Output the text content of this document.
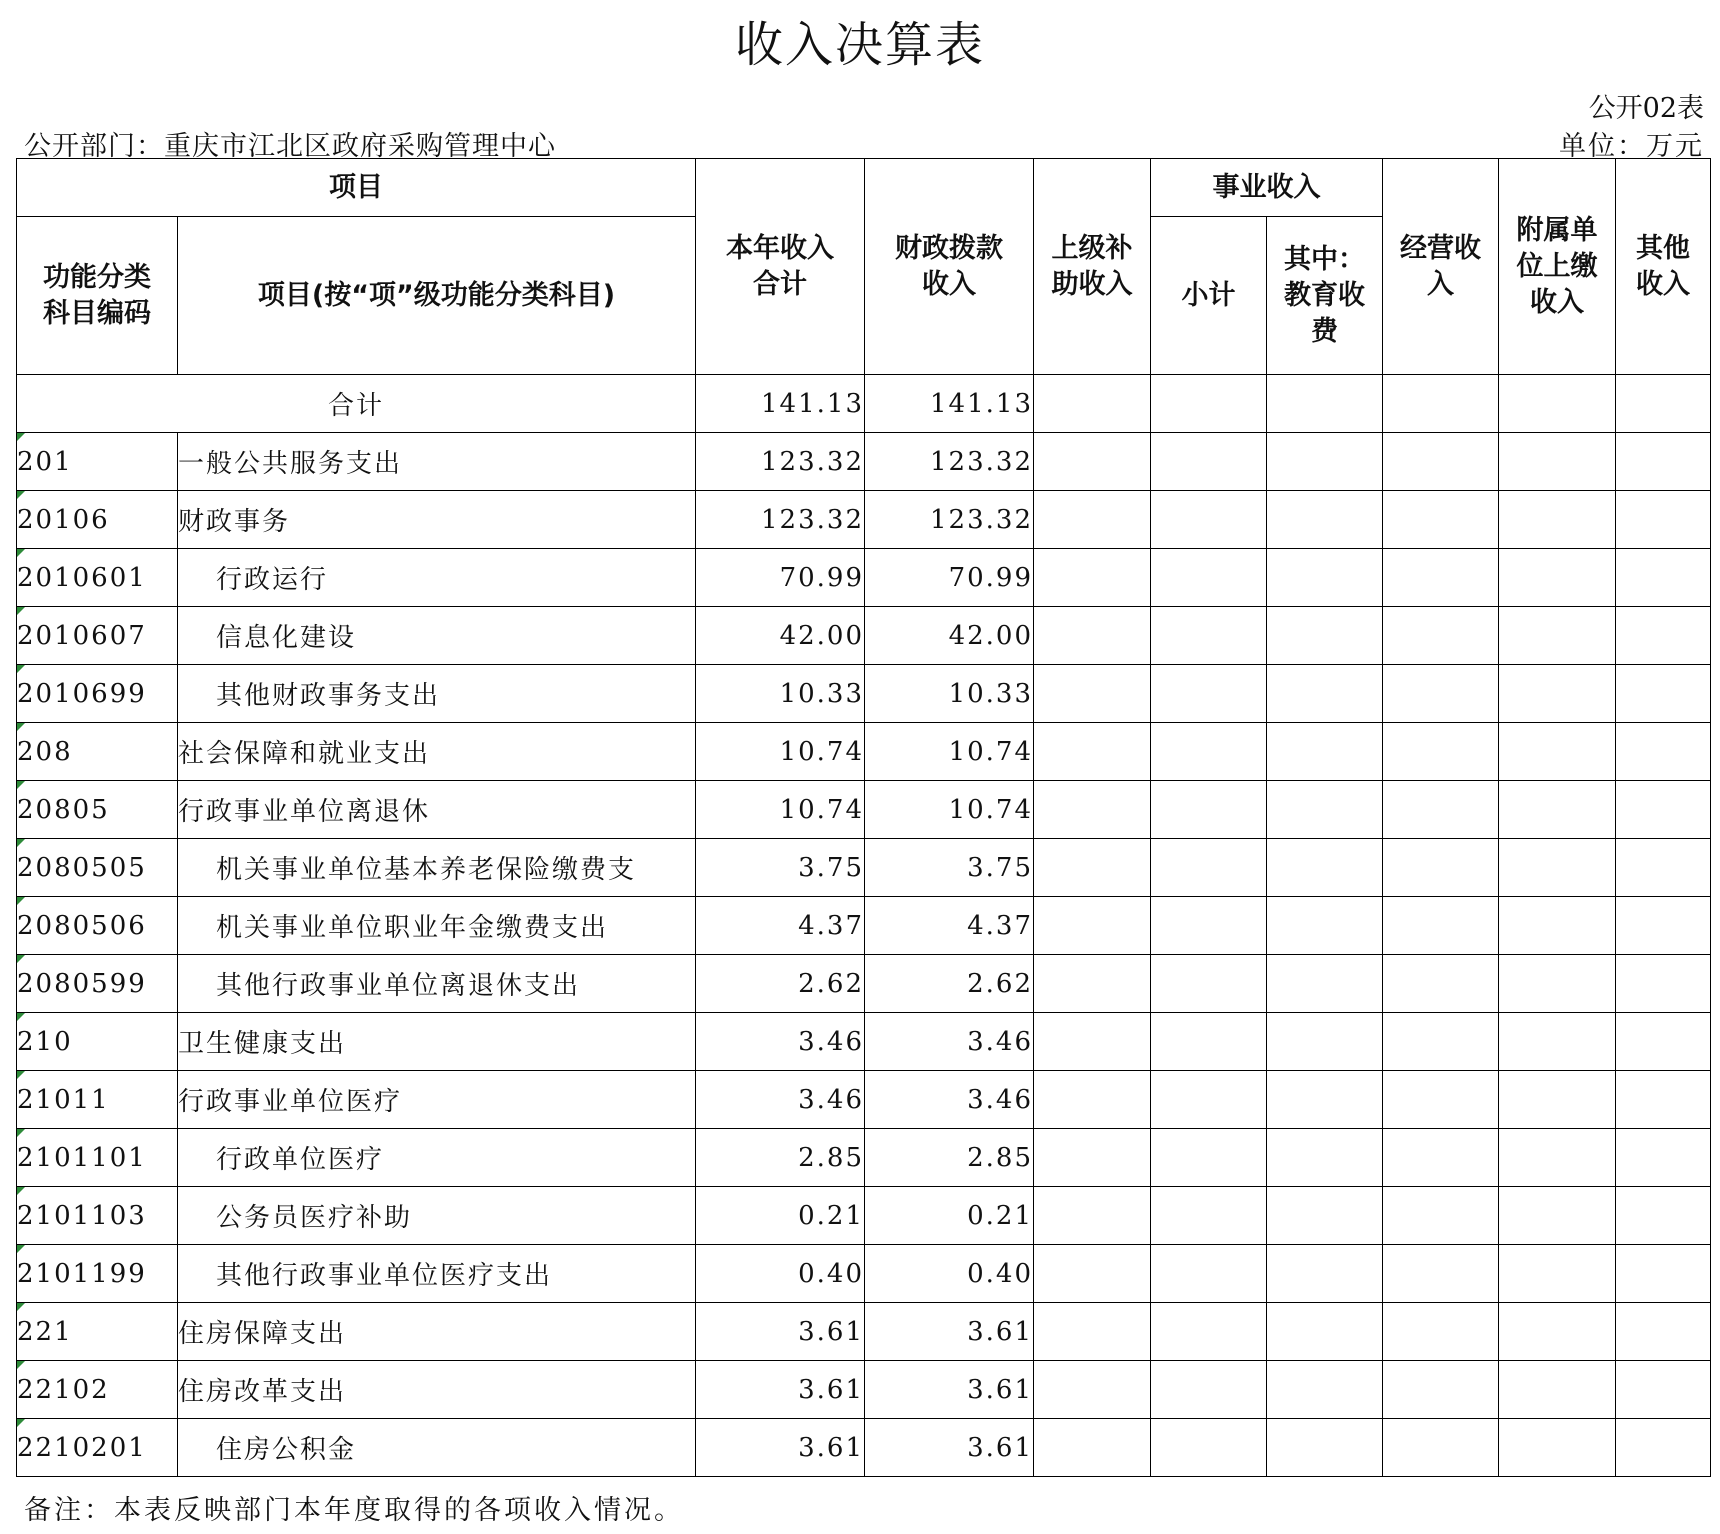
收入决算表
公开02表
公开部门：重庆市江北区政府采购管理中心	单位：万元
项目		本年收入合计	财政拨款收入	上级补助收入	事业收入		经营收入	附属单位上缴收入	其他收入
功能分类科目编码	项目(按“项”级功能分类科目)				小计	其中：教育收费			

合计		141.13	141.13						
201	一般公共服务支出	123.32	123.32						
20106	财政事务	123.32	123.32						
2010601	行政运行	70.99	70.99						
2010607	信息化建设	42.00	42.00						
2010699	其他财政事务支出	10.33	10.33						
208	社会保障和就业支出	10.74	10.74						
20805	行政事业单位离退休	10.74	10.74						
2080505	机关事业单位基本养老保险缴费支	3.75	3.75						
2080506	机关事业单位职业年金缴费支出	4.37	4.37						
2080599	其他行政事业单位离退休支出	2.62	2.62						
210	卫生健康支出	3.46	3.46						
21011	行政事业单位医疗	3.46	3.46						
2101101	行政单位医疗	2.85	2.85						
2101103	公务员医疗补助	0.21	0.21						
2101199	其他行政事业单位医疗支出	0.40	0.40						
221	住房保障支出	3.61	3.61						
22102	住房改革支出	3.61	3.61						
2210201	住房公积金	3.61	3.61						
备注：本表反映部门本年度取得的各项收入情况。
